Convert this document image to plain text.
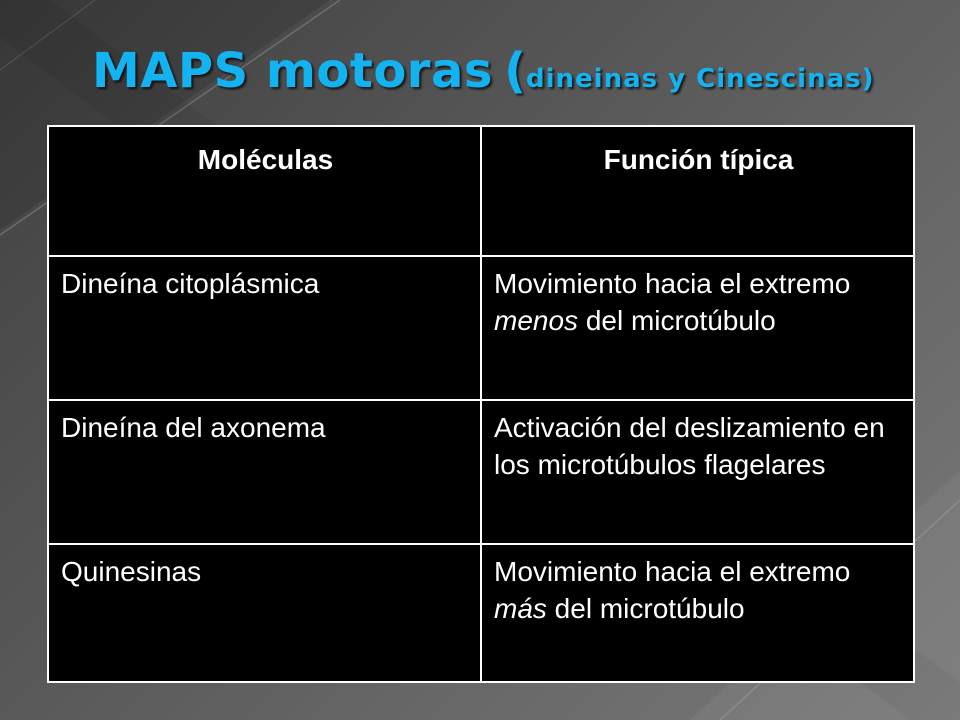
MAPS motoras (dineinas y Cinescinas)
Moléculas	Función típica
Dineína citoplásmica	Movimiento hacia el extremo menos del microtúbulo
Dineína del axonema	Activación del deslizamiento en los microtúbulos flagelares
Quinesinas	Movimiento hacia el extremo más del microtúbulo
